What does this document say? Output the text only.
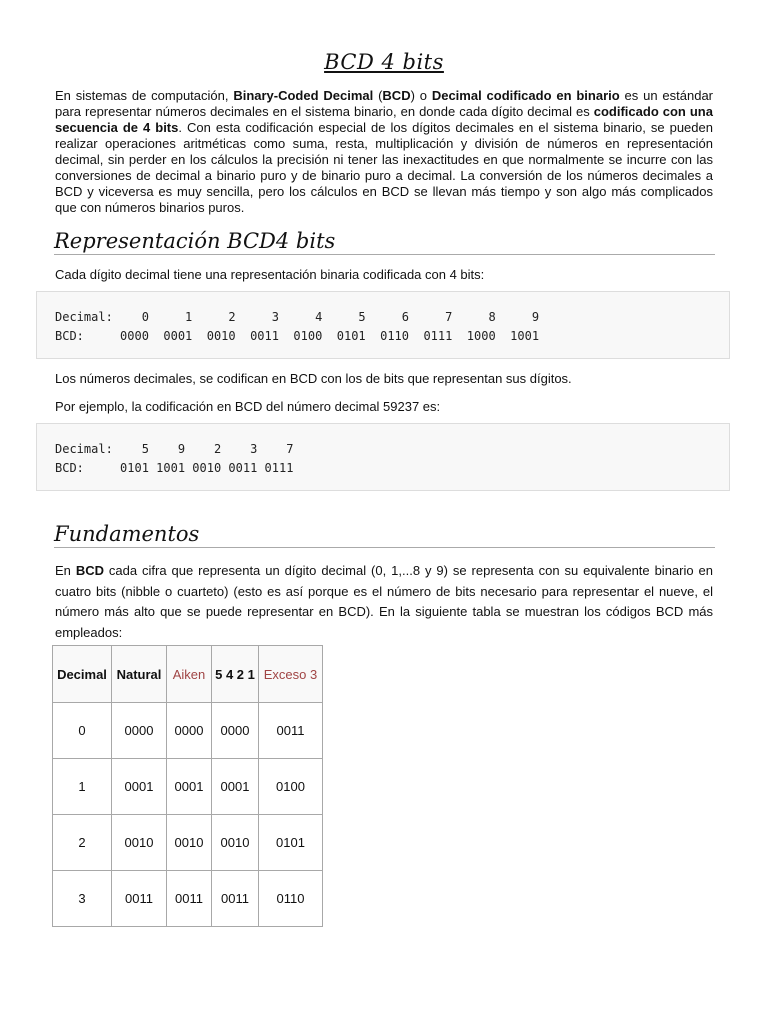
BCD 4 bits

En sistemas de computación, Binary-Coded Decimal (BCD) o Decimal codificado en binario es un estándar para representar números decimales en el sistema binario, en donde cada dígito decimal es codificado con una secuencia de 4 bits. Con esta codificación especial de los dígitos decimales en el sistema binario, se pueden realizar operaciones aritméticas como suma, resta, multiplicación y división de números en representación decimal, sin perder en los cálculos la precisión ni tener las inexactitudes en que normalmente se incurre con las conversiones de decimal a binario puro y de binario puro a decimal. La conversión de los números decimales a BCD y viceversa es muy sencilla, pero los cálculos en BCD se llevan más tiempo y son algo más complicados que con números binarios puros.

Representación BCD4 bits
Cada dígito decimal tiene una representación binaria codificada con 4 bits:
Decimal:    0     1     2     3     4     5     6     7     8     9
BCD:     0000  0001  0010  0011  0100  0101  0110  0111  1000  1001
Los números decimales, se codifican en BCD con los de bits que representan sus dígitos.
Por ejemplo, la codificación en BCD del número decimal 59237 es:
Decimal:    5    9    2    3    7
BCD:     0101 1001 0010 0011 0111
Fundamentos

En BCD cada cifra que representa un dígito decimal (0, 1,...8 y 9) se representa con su equivalente binario en cuatro bits (nibble o cuarteto) (esto es así porque es el número de bits necesario para representar el nueve, el número más alto que se puede representar en BCD). En la siguiente tabla se muestran los códigos BCD más empleados:

Decimal	Natural	Aiken	5 4 2 1	Exceso 3
0	0000	0000	0000	0011
1	0001	0001	0001	0100
2	0010	0010	0010	0101
3	0011	0011	0011	0110
